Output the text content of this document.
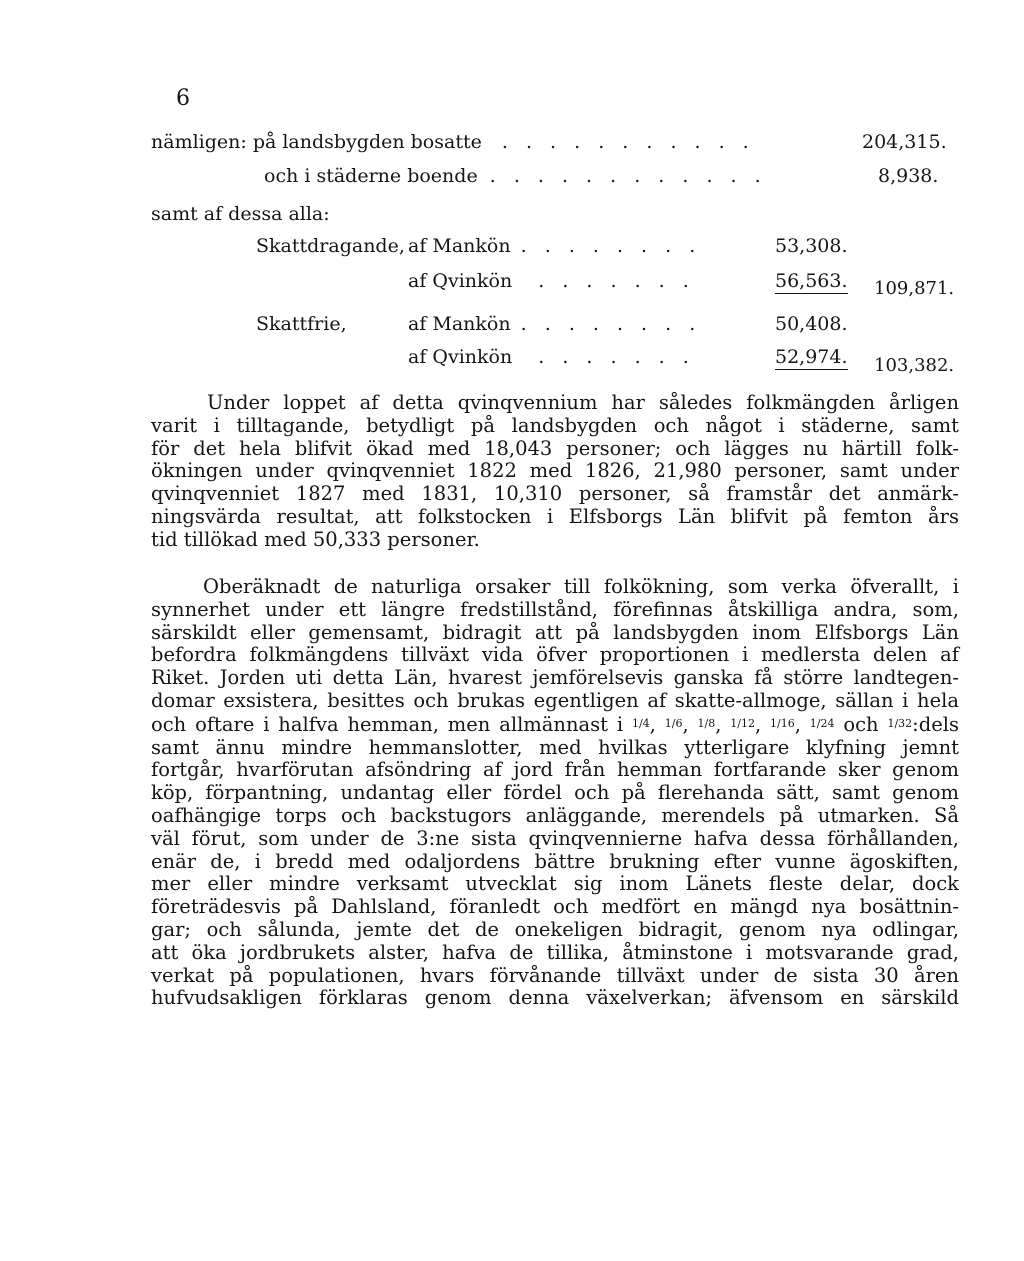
6
nämligen: på landsbygden bosatte . . . . . . . . . . .	204,315.
och i städerne boende . . . . . . . . . . . .	8,938.
samt af dessa alla:
Skattdragande, af Mankön . . . . . . . .	53,308.
af Qvinkön . . . . . . .	56,563. 109,871.
Skattfrie,	af Mankön . . . . . . . .	50,408.
af Qvinkön . . . . . . .	52,974. 103,382.
Under loppet af detta qvinqvennium har således folkmängden årligen
varit i tilltagande, betydligt på landsbygden och något i städerne, samt
för det hela blifvit ökad med 18,043 personer; och lägges nu härtill folk-
ökningen under qvinqvenniet 1822 med 1826, 21,980 personer, samt under
qvinqvenniet 1827 med 1831, 10,310 personer, så framstår det anmärk-
ningsvärda resultat, att folkstocken i Elfsborgs Län blifvit på femton års
tid tillökad med 50,333 personer.
Oberäknadt de naturliga orsaker till folkökning, som verka öfverallt, i
synnerhet under ett längre fredstillstånd, förefinnas åtskilliga andra, som,
särskildt eller gemensamt, bidragit att på landsbygden inom Elfsborgs Län
befordra folkmängdens tillväxt vida öfver proportionen i medlersta delen af
Riket. Jorden uti detta Län, hvarest jemförelsevis ganska få större landtegen-
domar exsistera, besittes och brukas egentligen af skatte-allmoge, sällan i hela
och oftare i halfva hemman, men allmännast i $^{1/4}$, $^{1/6}$, $^{1/8}$, $^{1/12}$, $^{1/16}$, $^{1/24}$ och $^{1/32}$:dels
samt ännu mindre hemmanslotter, med hvilkas ytterligare klyfning jemnt
fortgår, hvarförutan afsöndring af jord från hemman fortfarande sker genom
köp, förpantning, undantag eller fördel och på flerehanda sätt, samt genom
oafhängige torps och backstugors anläggande, merendels på utmarken. Så
väl förut, som under de 3:ne sista qvinqvennierne hafva dessa förhållanden,
enär de, i bredd med odaljordens bättre brukning efter vunne ägoskiften,
mer eller mindre verksamt utvecklat sig inom Länets fleste delar, dock
företrädesvis på Dahlsland, föranledt och medfört en mängd nya bosättnin-
gar; och sålunda, jemte det de onekeligen bidragit, genom nya odlingar,
att öka jordbrukets alster, hafva de tillika, åtminstone i motsvarande grad,
verkat på populationen, hvars förvånande tillväxt under de sista 30 åren
hufvudsakligen förklaras genom denna växelverkan; äfvensom en särskild
